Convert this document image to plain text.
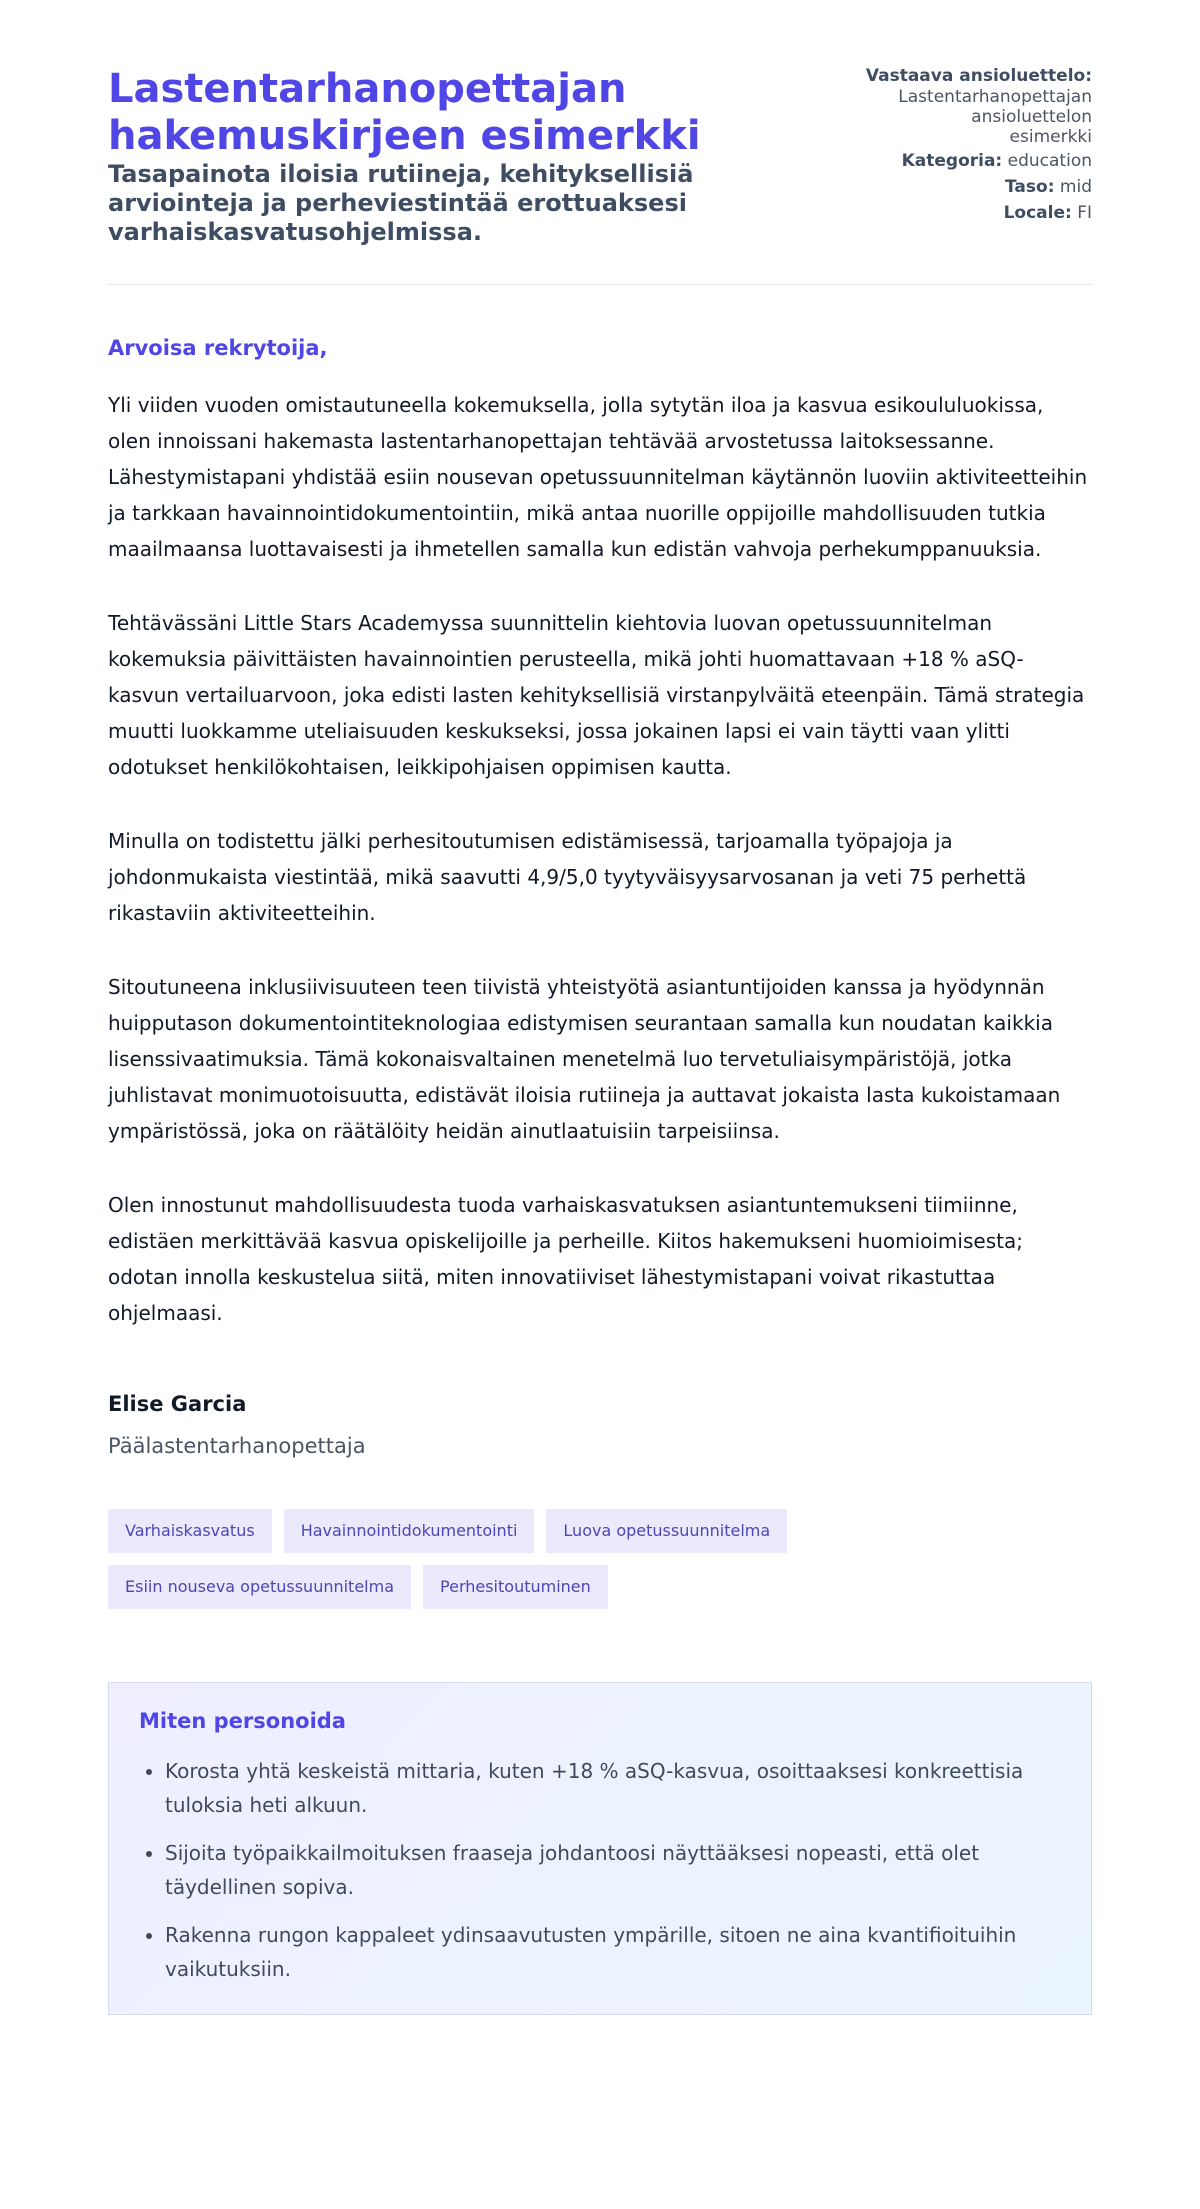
Lastentarhanopettajan hakemuskirjeen esimerkki

Tasapainota iloisia rutiineja, kehityksellisiä arviointeja ja perheviestintää erottuaksesi varhaiskasvatusohjelmissa.

Vastaava ansioluettelo:
Lastentarhanopettajan ansioluettelon esimerkki
Kategoria: education
Taso: mid
Locale: FI

Arvoisa rekrytoija,

Yli viiden vuoden omistautuneella kokemuksella, jolla sytytän iloa ja kasvua esikoululuokissa, olen innoissani hakemasta lastentarhanopettajan tehtävää arvostetussa laitoksessanne. Lähestymistapani yhdistää esiin nousevan opetussuunnitelman käytännön luoviin aktiviteetteihin ja tarkkaan havainnointidokumentointiin, mikä antaa nuorille oppijoille mahdollisuuden tutkia maailmaansa luottavaisesti ja ihmetellen samalla kun edistän vahvoja perhekumppanuuksia.

Tehtävässäni Little Stars Academyssa suunnittelin kiehtovia luovan opetussuunnitelman kokemuksia päivittäisten havainnointien perusteella, mikä johti huomattavaan +18 % aSQ-kasvun vertailuarvoon, joka edisti lasten kehityksellisiä virstanpylväitä eteenpäin. Tämä strategia muutti luokkamme uteliaisuuden keskukseksi, jossa jokainen lapsi ei vain täytti vaan ylitti odotukset henkilökohtaisen, leikkipohjaisen oppimisen kautta.

Minulla on todistettu jälki perhesitoutumisen edistämisessä, tarjoamalla työpajoja ja johdonmukaista viestintää, mikä saavutti 4,9/5,0 tyytyväisyysarvosanan ja veti 75 perhettä rikastaviin aktiviteetteihin.

Sitoutuneena inklusiivisuuteen teen tiivistä yhteistyötä asiantuntijoiden kanssa ja hyödynnän huipputason dokumentointiteknologiaa edistymisen seurantaan samalla kun noudatan kaikkia lisenssivaatimuksia. Tämä kokonaisvaltainen menetelmä luo tervetuliaisympäristöjä, jotka juhlistavat monimuotoisuutta, edistävät iloisia rutiineja ja auttavat jokaista lasta kukoistamaan ympäristössä, joka on räätälöity heidän ainutlaatuisiin tarpeisiinsa.

Olen innostunut mahdollisuudesta tuoda varhaiskasvatuksen asiantuntemukseni tiimiinne, edistäen merkittävää kasvua opiskelijoille ja perheille. Kiitos hakemukseni huomioimisesta; odotan innolla keskustelua siitä, miten innovatiiviset lähestymistapani voivat rikastuttaa ohjelmaasi.

Elise Garcia
Päälastentarhanopettaja
Varhaiskasvatus	Havainnointidokumentointi	Luova opetussuunnitelma
Esiin nouseva opetussuunnitelma	Perhesitoutuminen
Miten personoida
• Korosta yhtä keskeistä mittaria, kuten +18 % aSQ-kasvua, osoittaaksesi konkreettisia tuloksia heti alkuun.
• Sijoita työpaikkailmoituksen fraaseja johdantoosi näyttääksesi nopeasti, että olet täydellinen sopiva.
• Rakenna rungon kappaleet ydinsaavutusten ympärille, sitoen ne aina kvantifioituihin vaikutuksiin.
